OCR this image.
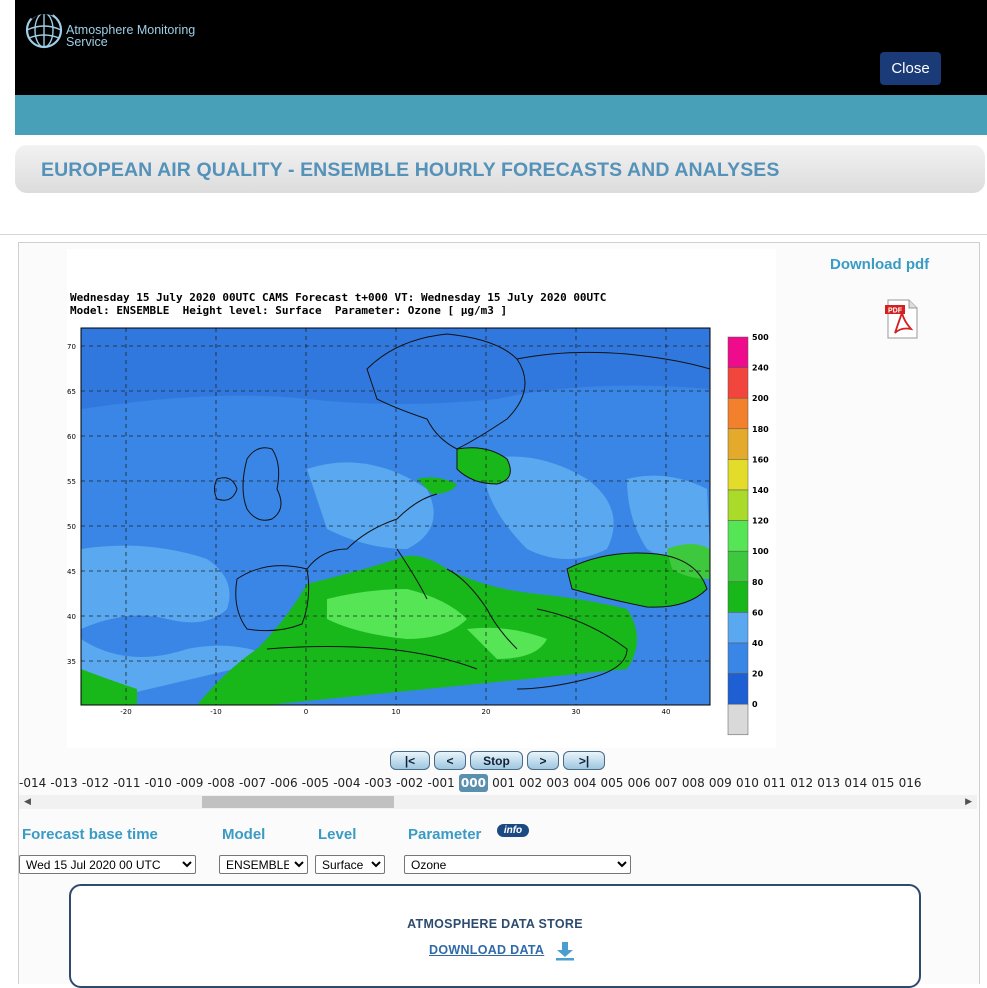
Atmosphere Monitoring
Service
Close
EUROPEAN AIR QUALITY - ENSEMBLE HOURLY FORECASTS AND ANALYSES
Wednesday 15 July 2020 00UTC CAMS Forecast t+000 VT: Wednesday 15 July 2020 00UTC
Model: ENSEMBLE  Height level: Surface  Parameter: Ozone [ µg/m3 ]
70
65
60
55
50
45
40
35
-20	-10	0	10	20	30	40
500
240
200
180
160
140
120
100
80
60
40
20
0
Download pdf
PDF
|<	<	Stop	>	>|
-014 -013 -012 -011 -010 -009 -008 -007 -006 -005 -004 -003 -002 -001 000 001 002 003 004 005 006 007 008 009 010 011 012 013 014 015 016
◀	▶
Forecast base time	Model	Level	Parameter	info
Wed 15 Jul 2020 00 UTC
ENSEMBLE
Surface
Ozone
ATMOSPHERE DATA STORE
DOWNLOAD DATA
